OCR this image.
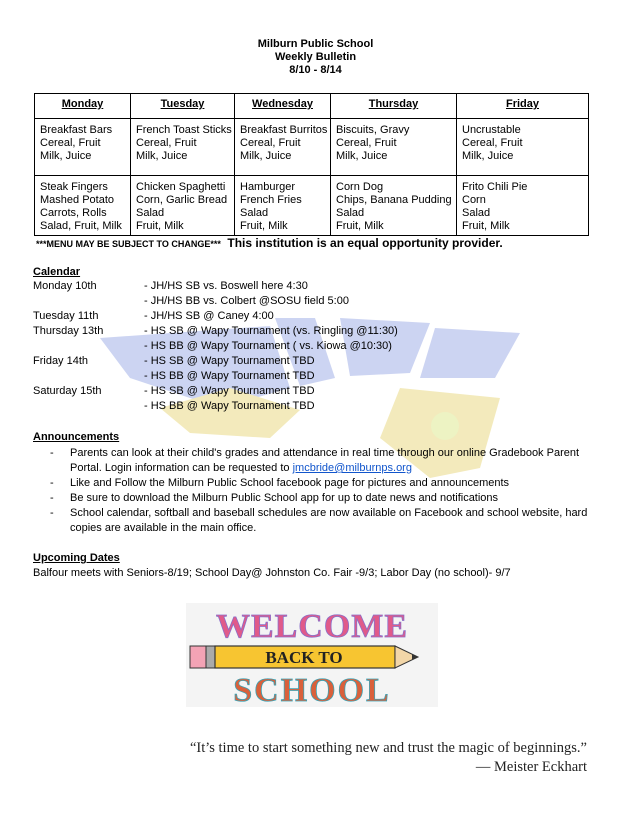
Milburn Public School
Weekly Bulletin
8/10 - 8/14
Monday	Tuesday	Wednesday	Thursday	Friday

Breakfast Bars
Cereal, Fruit
Milk, Juice	French Toast Sticks
Cereal, Fruit
Milk, Juice	Breakfast Burritos
Cereal, Fruit
Milk, Juice	Biscuits, Gravy
Cereal, Fruit
Milk, Juice	Uncrustable
Cereal, Fruit
Milk, Juice

Steak Fingers
Mashed Potato
Carrots, Rolls
Salad, Fruit, Milk	Chicken Spaghetti
Corn, Garlic Bread
Salad
Fruit, Milk	Hamburger
French Fries
Salad
Fruit, Milk	Corn Dog
Chips, Banana Pudding
Salad
Fruit, Milk	Frito Chili Pie
Corn
Salad
Fruit, Milk
***MENU MAY BE SUBJECT TO CHANGE*** This institution is an equal opportunity provider.
Calendar
Monday 10th	- JH/HS SB vs. Boswell here 4:30
- JH/HS BB vs. Colbert @SOSU field 5:00
Tuesday 11th	- JH/HS SB @ Caney 4:00
Thursday 13th	- HS SB @ Wapy Tournament (vs. Ringling @11:30)
- HS BB @ Wapy Tournament ( vs. Kiowa @10:30)
Friday 14th	- HS SB @ Wapy Tournament TBD
- HS BB @ Wapy Tournament TBD
Saturday 15th	- HS SB @ Wapy Tournament TBD
- HS BB @ Wapy Tournament TBD
Announcements
- Parents can look at their child's grades and attendance in real time through our online Gradebook Parent Portal. Login information can be requested to jmcbride@milburnps.org
- Like and Follow the Milburn Public School facebook page for pictures and announcements
- Be sure to download the Milburn Public School app for up to date news and notifications
- School calendar, softball and baseball schedules are now available on Facebook and school website, hard copies are available in the main office.
Upcoming Dates
Balfour meets with Seniors-8/19; School Day@ Johnston Co. Fair -9/3; Labor Day (no school)- 9/7
WELCOME
BACK TO
SCHOOL
“It’s time to start something new and trust the magic of beginnings.”
— Meister Eckhart
